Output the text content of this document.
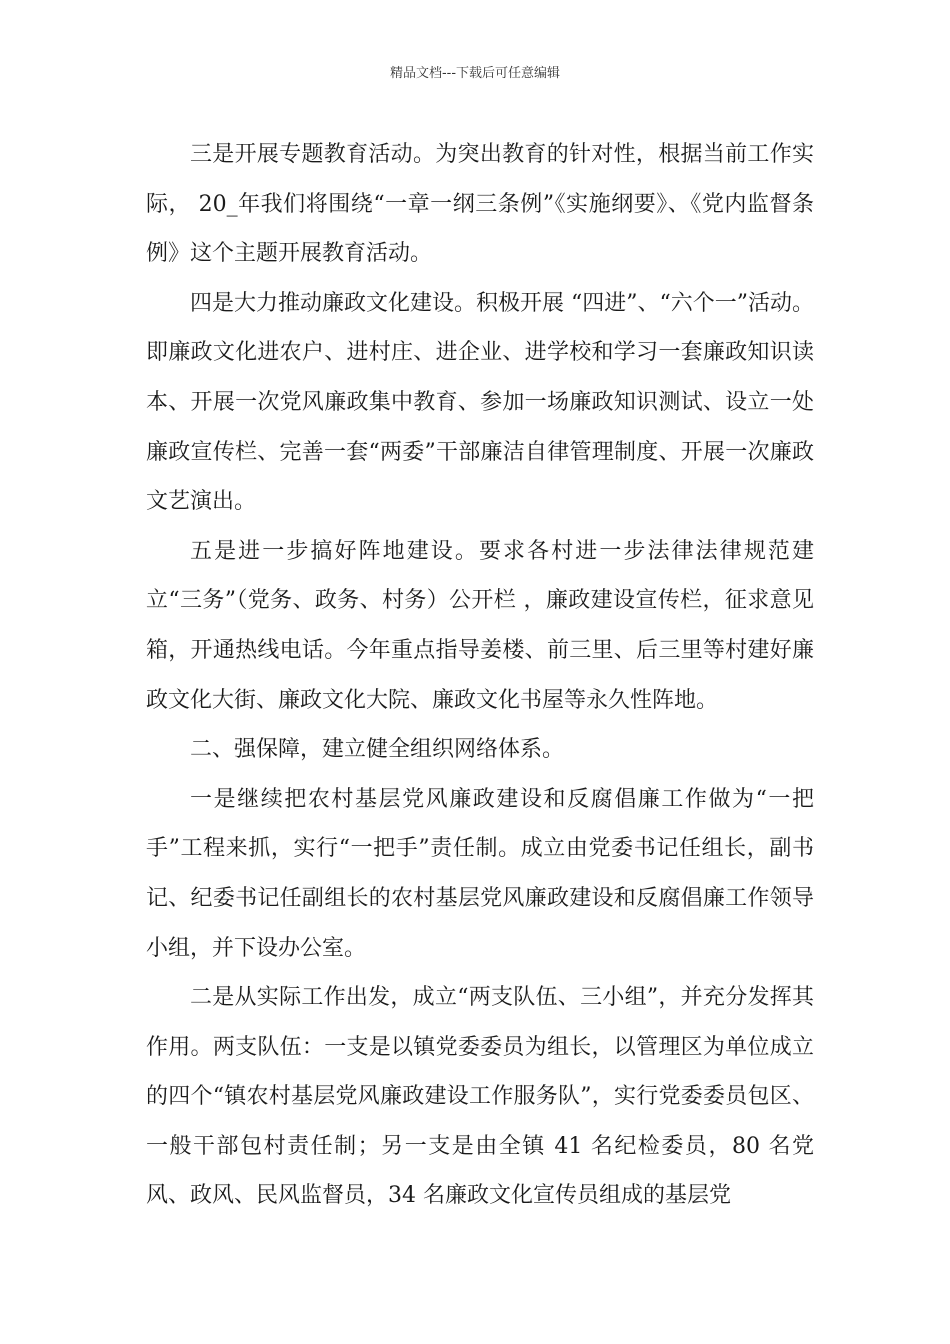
精品文档---下载后可任意编辑

三是开展专题教育活动。为突出教育的针对性，根据当前工作实际， 20_年我们将围绕“一章一纲三条例”《实施纲要》、《党内监督条例》这个主题开展教育活动。

四是大力推动廉政文化建设。积极开展 “四进”、“六个一”活动。即廉政文化进农户、进村庄、进企业、进学校和学习一套廉政知识读本、开展一次党风廉政集中教育、参加一场廉政知识测试、设立一处廉政宣传栏、完善一套“两委”干部廉洁自律管理制度、开展一次廉政文艺演出。

五是进一步搞好阵地建设。要求各村进一步法律法律规范建立“三务”（党务、政务、村务）公开栏 ，廉政建设宣传栏，征求意见箱，开通热线电话。今年重点指导姜楼、前三里、后三里等村建好廉政文化大街、廉政文化大院、廉政文化书屋等永久性阵地。

二、强保障，建立健全组织网络体系。

一是继续把农村基层党风廉政建设和反腐倡廉工作做为“一把手”工程来抓，实行“一把手”责任制。成立由党委书记任组长，副书记、纪委书记任副组长的农村基层党风廉政建设和反腐倡廉工作领导小组，并下设办公室。

二是从实际工作出发，成立“两支队伍、三小组”，并充分发挥其作用。两支队伍：一支是以镇党委委员为组长，以管理区为单位成立的四个“镇农村基层党风廉政建设工作服务队”，实行党委委员包区、一般干部包村责任制；另一支是由全镇 41 名纪检委员，80 名党风、政风、民风监督员，34 名廉政文化宣传员组成的基层党
